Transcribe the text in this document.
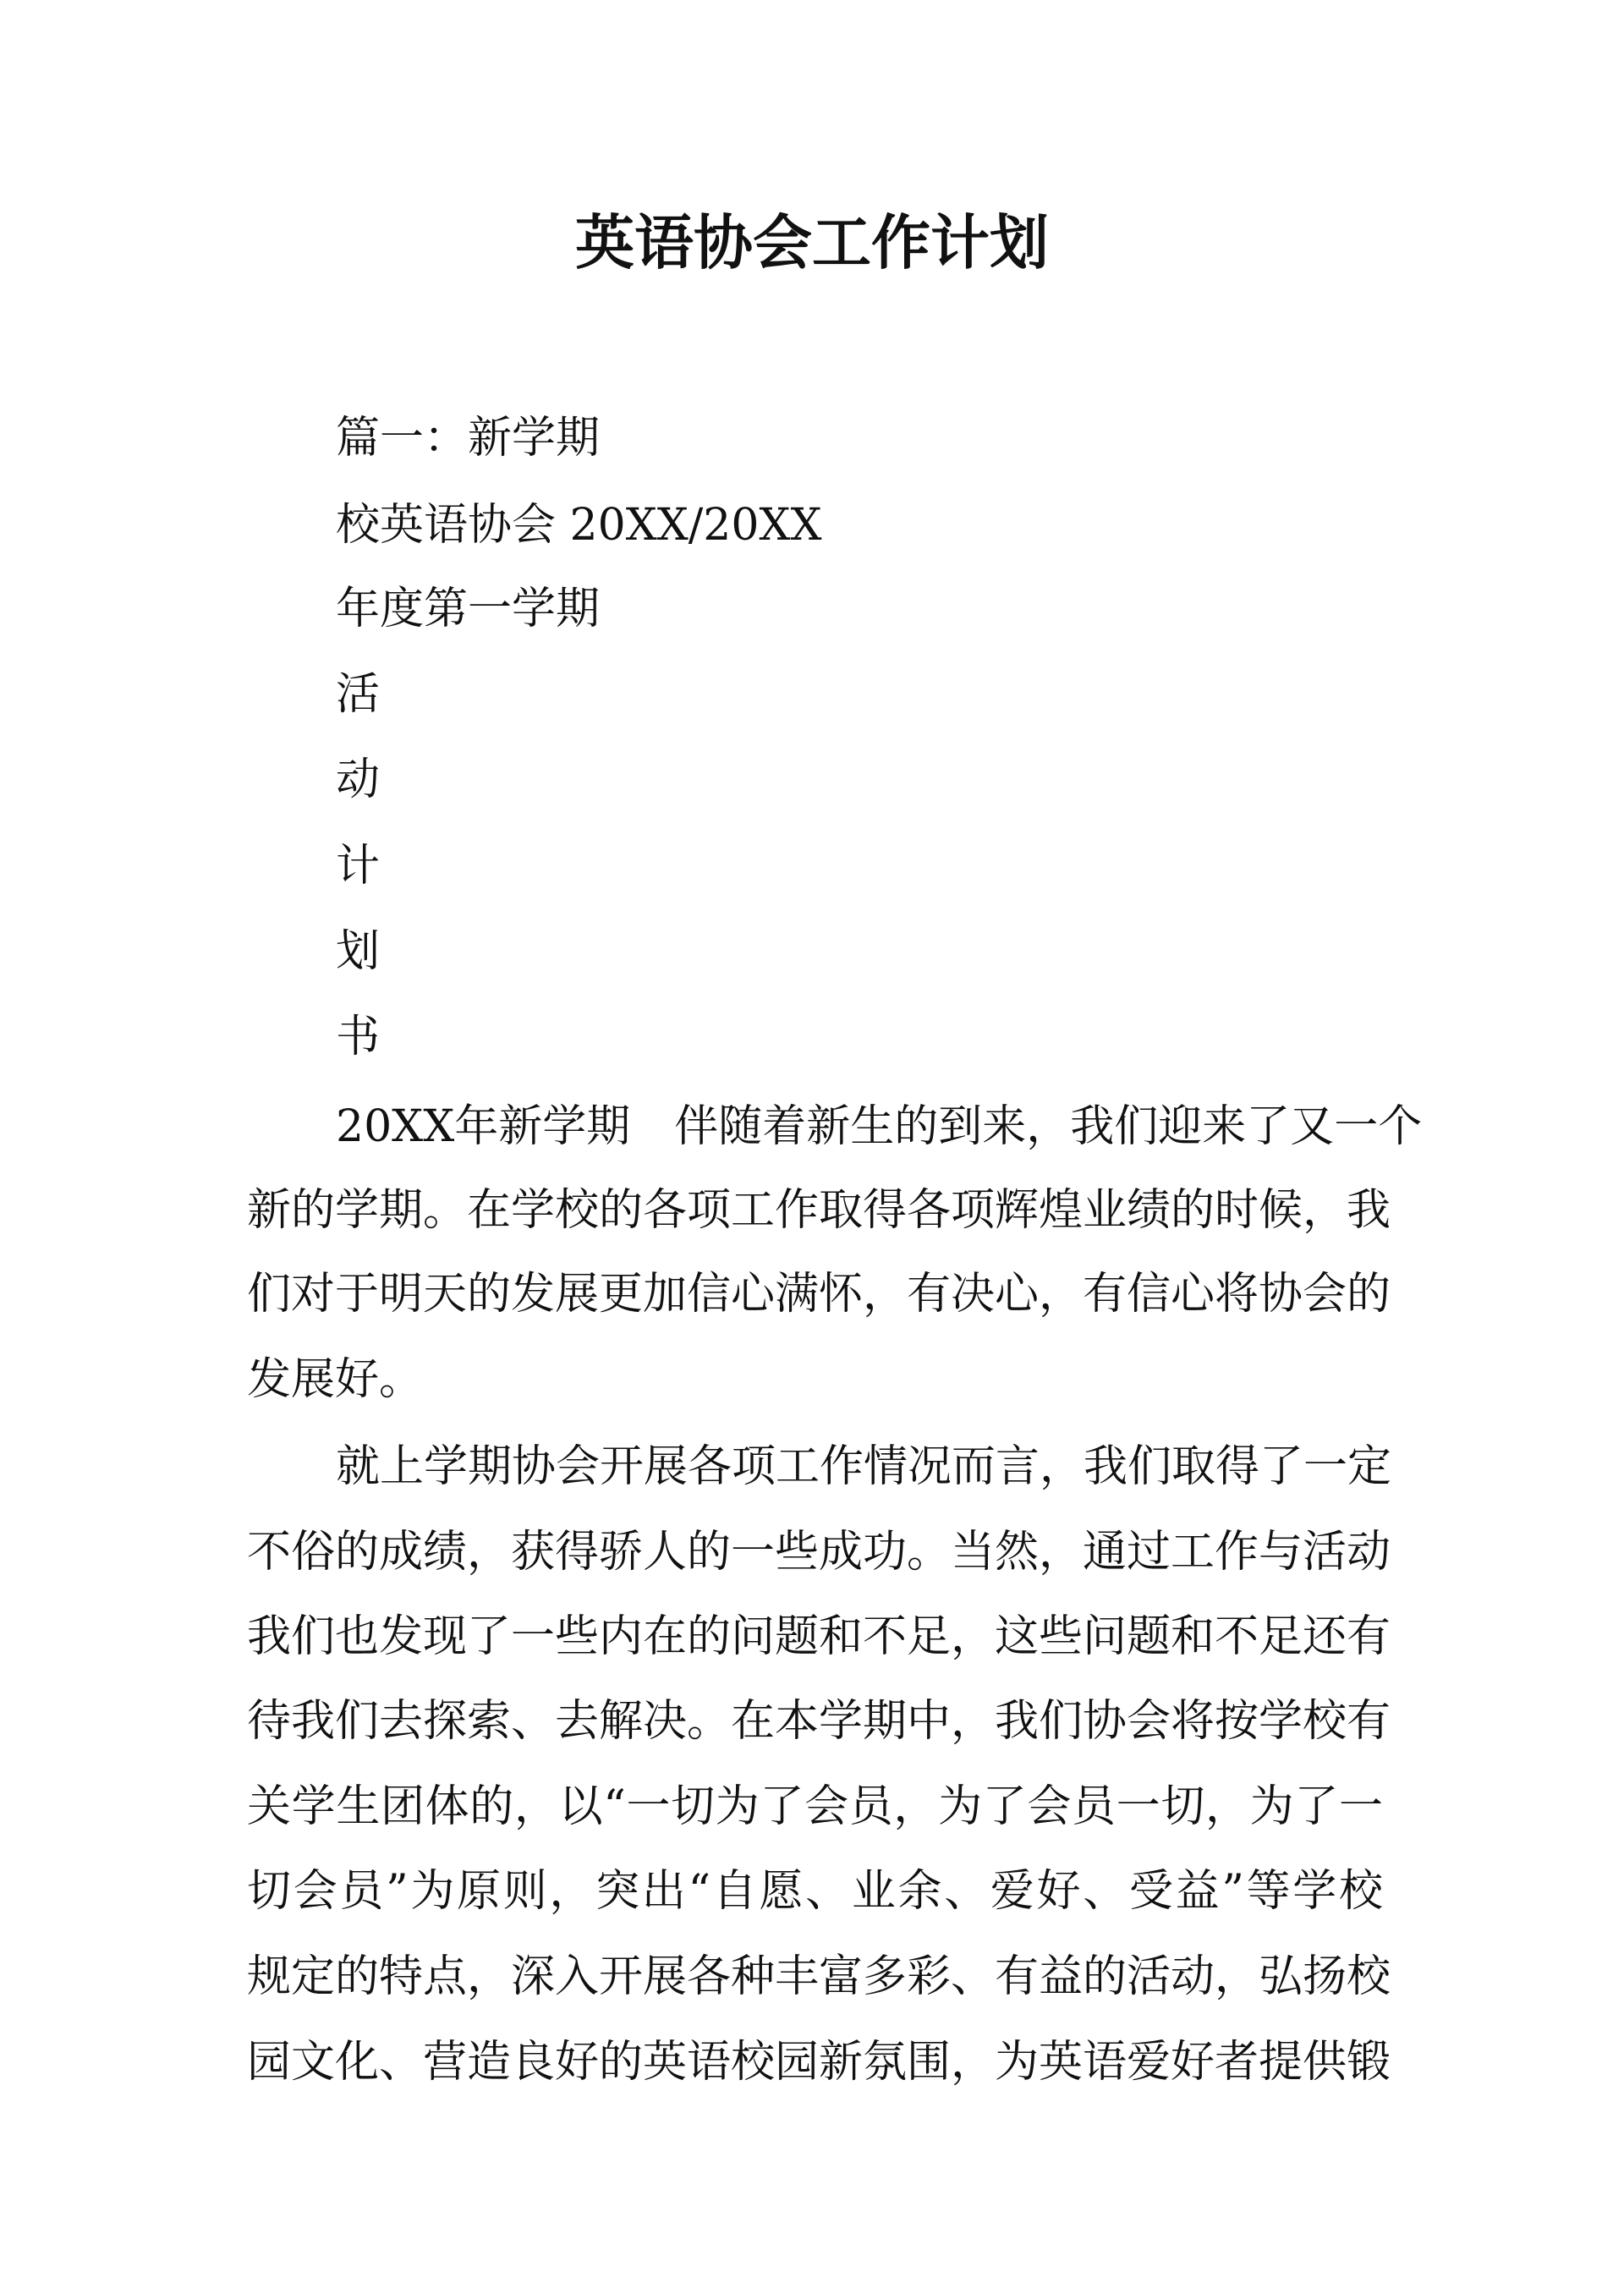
英语协会工作计划
篇一：新学期
校英语协会 20XX/20XX
年度第一学期
活
动
计
划
书
20XX年新学期　伴随着新生的到来，我们迎来了又一个
新的学期。在学校的各项工作取得各项辉煌业绩的时候，我
们对于明天的发展更加信心满怀，有决心，有信心将协会的
发展好。
就上学期协会开展各项工作情况而言，我们取得了一定
不俗的成绩，获得骄人的一些成功。当然，通过工作与活动
我们也发现了一些内在的问题和不足，这些问题和不足还有
待我们去探索、去解决。在本学期中，我们协会将按学校有
关学生团体的，以“一切为了会员，为了会员一切，为了一
切会员”为原则，突出“自愿、业余、爱好、受益”等学校
规定的特点，深入开展各种丰富多彩、有益的活动，弘扬校
园文化、营造良好的英语校园新氛围，为英语爱好者提供锻
